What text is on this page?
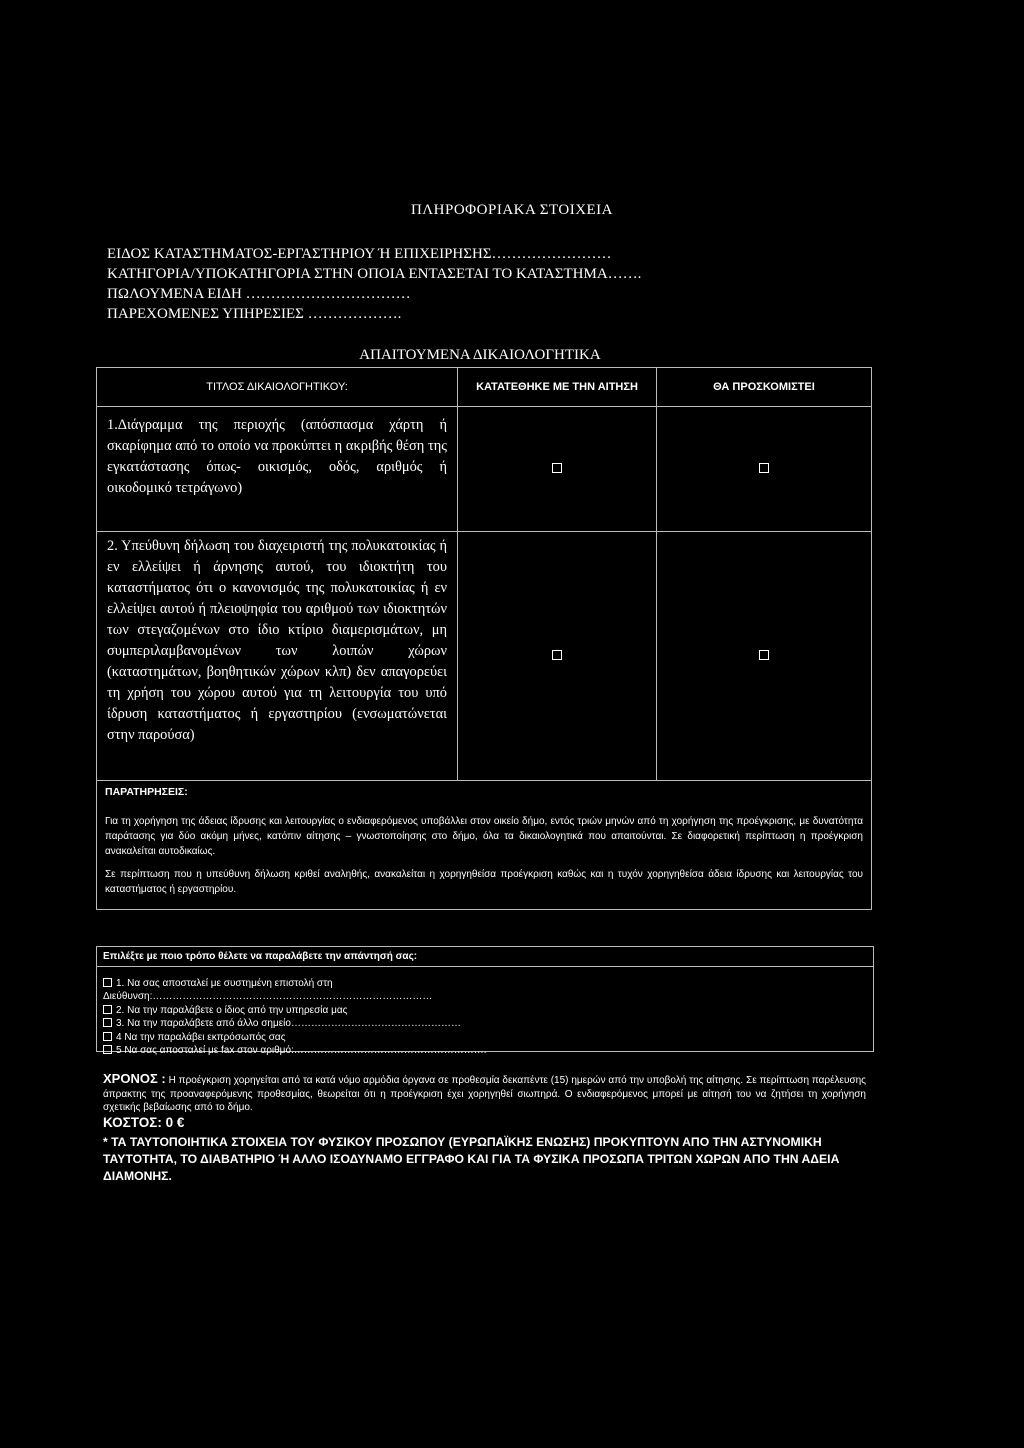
ΠΛΗΡΟΦΟΡΙΑΚΑ ΣΤΟΙΧΕΙΑ
ΕΙΔΟΣ ΚΑΤΑΣΤΗΜΑΤΟΣ-ΕΡΓΑΣΤΗΡΙΟΥ Ή ΕΠΙΧΕΙΡΗΣΗΣ……………………
ΚΑΤΗΓΟΡΙΑ/ΥΠΟΚΑΤΗΓΟΡΙΑ ΣΤΗΝ ΟΠΟΙΑ ΕΝΤΑΣΕΤΑΙ ΤΟ ΚΑΤΑΣΤΗΜΑ…….
ΠΩΛΟΥΜΕΝΑ ΕΙΔΗ ……………………………
ΠΑΡΕΧΟΜΕΝΕΣ ΥΠΗΡΕΣΙΕΣ ……………….
ΑΠΑΙΤΟΥΜΕΝΑ ΔΙΚΑΙΟΛΟΓΗΤΙΚΑ
ΤΙΤΛΟΣ ΔΙΚΑΙΟΛΟΓΗΤΙΚΟΥ:	ΚΑΤΑΤΕΘΗΚΕ ΜΕ ΤΗΝ ΑΙΤΗΣΗ	ΘΑ ΠΡΟΣΚΟΜΙΣΤΕΙ
1.Διάγραμμα της περιοχής (απόσπασμα χάρτη ή σκαρίφημα από το οποίο να προκύπτει η ακριβής θέση της εγκατάστασης όπως- οικισμός, οδός, αριθμός ή οικοδομικό τετράγωνο)		
2. Υπεύθυνη δήλωση του διαχειριστή της πολυκατοικίας ή εν ελλείψει ή άρνησης αυτού, του ιδιοκτήτη του καταστήματος ότι ο κανονισμός της πολυκατοικίας ή εν ελλείψει αυτού ή πλειοψηφία του αριθμού των ιδιοκτητών των στεγαζομένων στο ίδιο κτίριο διαμερισμάτων, μη συμπεριλαμβανομένων των λοιπών χώρων (καταστημάτων, βοηθητικών χώρων κλπ) δεν απαγορεύει τη χρήση του χώρου αυτού για τη λειτουργία του υπό ίδρυση καταστήματος ή εργαστηρίου (ενσωματώνεται στην παρούσα)		

ΠΑΡΑΤΗΡΗΣΕΙΣ:

Για τη χορήγηση της άδειας ίδρυσης και λειτουργίας ο ενδιαφερόμενος υποβάλλει στον οικείο δήμο, εντός τριών μηνών από τη χορήγηση της προέγκρισης, με δυνατότητα παράτασης για δύο ακόμη μήνες, κατόπιν αίτησης – γνωστοποίησης στο δήμο, όλα τα δικαιολογητικά που απαιτούνται. Σε διαφορετική περίπτωση η προέγκριση ανακαλείται αυτοδικαίως.

Σε περίπτωση που η υπεύθυνη δήλωση κριθεί αναληθής, ανακαλείται η χορηγηθείσα προέγκριση καθώς και η τυχόν χορηγηθείσα άδεια ίδρυσης και λειτουργίας του καταστήματος ή εργαστηρίου.		

Επιλέξτε με ποιο τρόπο θέλετε να παραλάβετε την απάντησή σας:
1. Να σας αποσταλεί με συστημένη επιστολή στη
Διεύθυνση:…………………………………………………………………………
2. Να την παραλάβετε ο ίδιος από την υπηρεσία μας
3. Να την παραλάβετε από άλλο σημείο……………………………………………
4 Να την παραλάβει εκπρόσωπός σας
5 Να σας αποσταλεί με fax στον αριθμό:………………………………………………….
ΧΡΟΝΟΣ : Η προέγκριση χορηγείται από τα κατά νόμο αρμόδια όργανα σε προθεσμία δεκαπέντε (15) ημερών από την υποβολή της αίτησης. Σε περίπτωση παρέλευσης άπρακτης της προαναφερόμενης προθεσμίας, θεωρείται ότι η προέγκριση έχει χορηγηθεί σιωπηρά. Ο ενδιαφερόμενος μπορεί με αίτησή του να ζητήσει τη χορήγηση σχετικής βεβαίωσης από το δήμο.
ΚΟΣΤΟΣ: 0 €
* ΤΑ ΤΑΥΤΟΠΟΙΗΤΙΚΑ ΣΤΟΙΧΕΙΑ ΤΟΥ ΦΥΣΙΚΟΥ ΠΡΟΣΩΠΟΥ (ΕΥΡΩΠΑΪΚΗΣ ΕΝΩΣΗΣ) ΠΡΟΚΥΠΤΟΥΝ ΑΠΟ ΤΗΝ ΑΣΤΥΝΟΜΙΚΗ ΤΑΥΤΟΤΗΤΑ, ΤΟ ΔΙΑΒΑΤΗΡΙΟ Ή ΑΛΛΟ ΙΣΟΔΥΝΑΜΟ ΕΓΓΡΑΦΟ ΚΑΙ ΓΙΑ ΤΑ ΦΥΣΙΚΑ ΠΡΟΣΩΠΑ ΤΡΙΤΩΝ ΧΩΡΩΝ ΑΠΟ ΤΗΝ ΑΔΕΙΑ ΔΙΑΜΟΝΗΣ.
